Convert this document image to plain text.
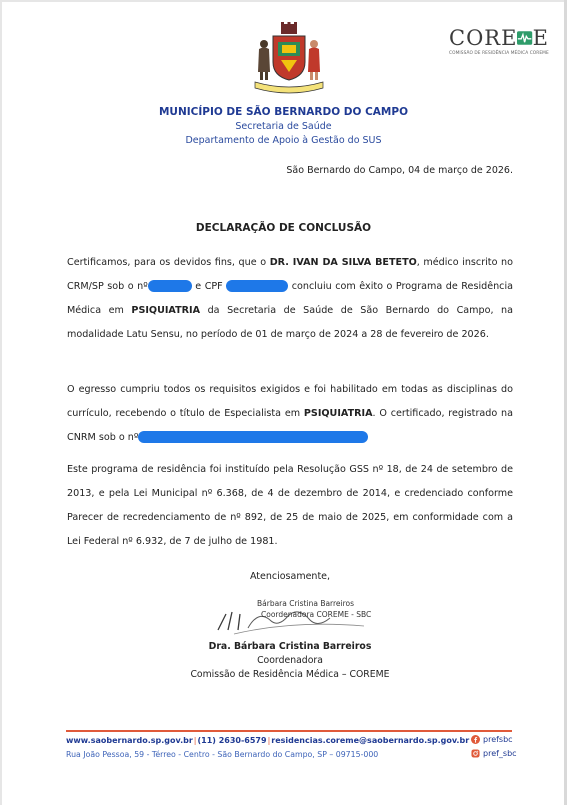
CORE E
COMISSÃO DE RESIDÊNCIA MÉDICA COREME
MUNICÍPIO DE SÃO BERNARDO DO CAMPO
Secretaria de Saúde
Departamento de Apoio à Gestão do SUS
São Bernardo do Campo, 04 de março de 2026.
DECLARAÇÃO DE CONCLUSÃO
Certificamos, para os devidos fins, que o DR. IVAN DA SILVA BETETO, médico inscrito no CRM/SP sob o nº	e CPF	concluiu com êxito o Programa de Residência Médica em PSIQUIATRIA da Secretaria de Saúde de São Bernardo do Campo, na modalidade Latu Sensu, no período de 01 de março de 2024 a 28 de fevereiro de 2026.
O egresso cumpriu todos os requisitos exigidos e foi habilitado em todas as disciplinas do currículo, recebendo o título de Especialista em PSIQUIATRIA. O certificado, registrado na CNRM sob o nº
Este programa de residência foi instituído pela Resolução GSS nº 18, de 24 de setembro de 2013, e pela Lei Municipal nº 6.368, de 4 de dezembro de 2014, e credenciado conforme Parecer de recredenciamento de nº 892, de 25 de maio de 2025, em conformidade com a Lei Federal nº 6.932, de 7 de julho de 1981.
Atenciosamente,
Bárbara Cristina Barreiros
Coordenadora COREME - SBC
Dra. Bárbara Cristina Barreiros
Coordenadora
Comissão de Residência Médica – COREME
www.saobernardo.sp.gov.br|(11) 2630-6579|residencias.coreme@saobernardo.sp.gov.br
Rua João Pessoa, 59 - Térreo - Centro - São Bernardo do Campo, SP – 09715-000
prefsbc
pref_sbc
